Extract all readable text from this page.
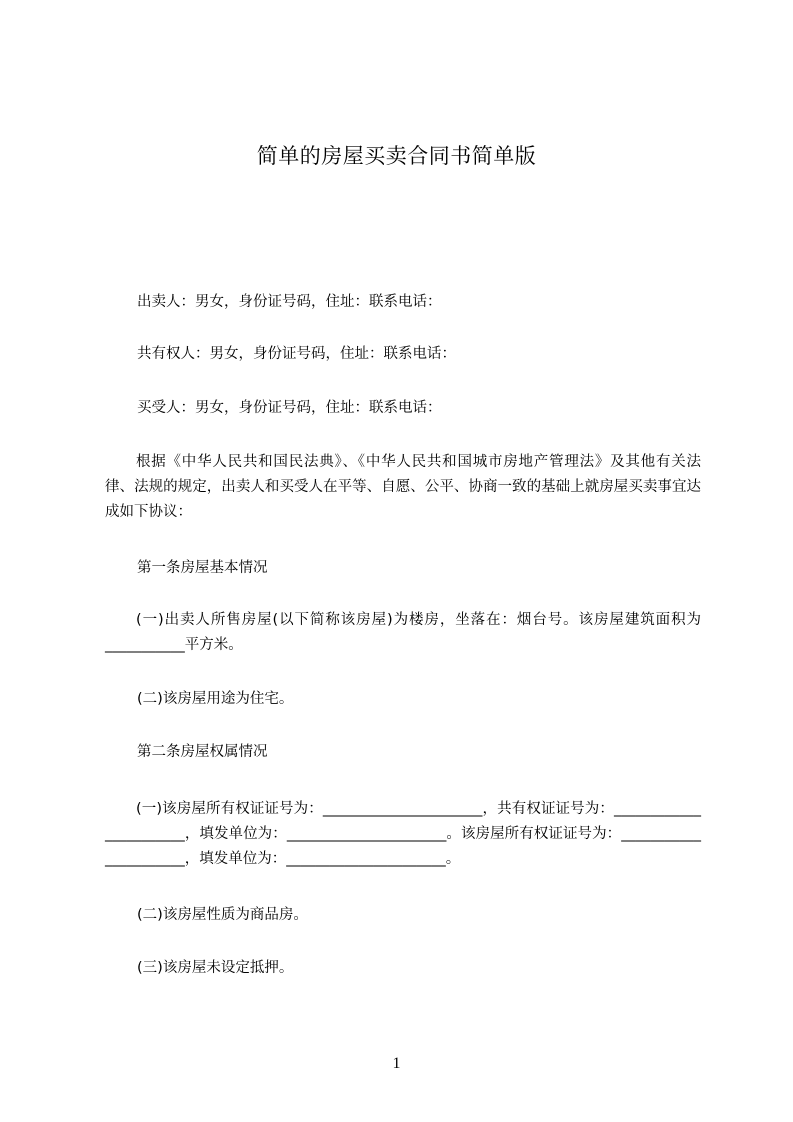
简单的房屋买卖合同书简单版
出卖人：男女，身份证号码，住址：联系电话：
共有权人：男女，身份证号码，住址：联系电话：
买受人：男女，身份证号码，住址：联系电话：
根据《中华人民共和国民法典》、《中华人民共和国城市房地产管理法》及其他有关法律、法规的规定，出卖人和买受人在平等、自愿、公平、协商一致的基础上就房屋买卖事宜达成如下协议：
第一条房屋基本情况
(一)出卖人所售房屋(以下简称该房屋)为楼房，坐落在：烟台号。该房屋建筑面积为___________平方米。
(二)该房屋用途为住宅。
第二条房屋权属情况
(一)该房屋所有权证证号为：______________________，共有权证证号为：_______________________，填发单位为：______________________。该房屋所有权证证号为：______________________，填发单位为：______________________。
(二)该房屋性质为商品房。
(三)该房屋未设定抵押。
1
